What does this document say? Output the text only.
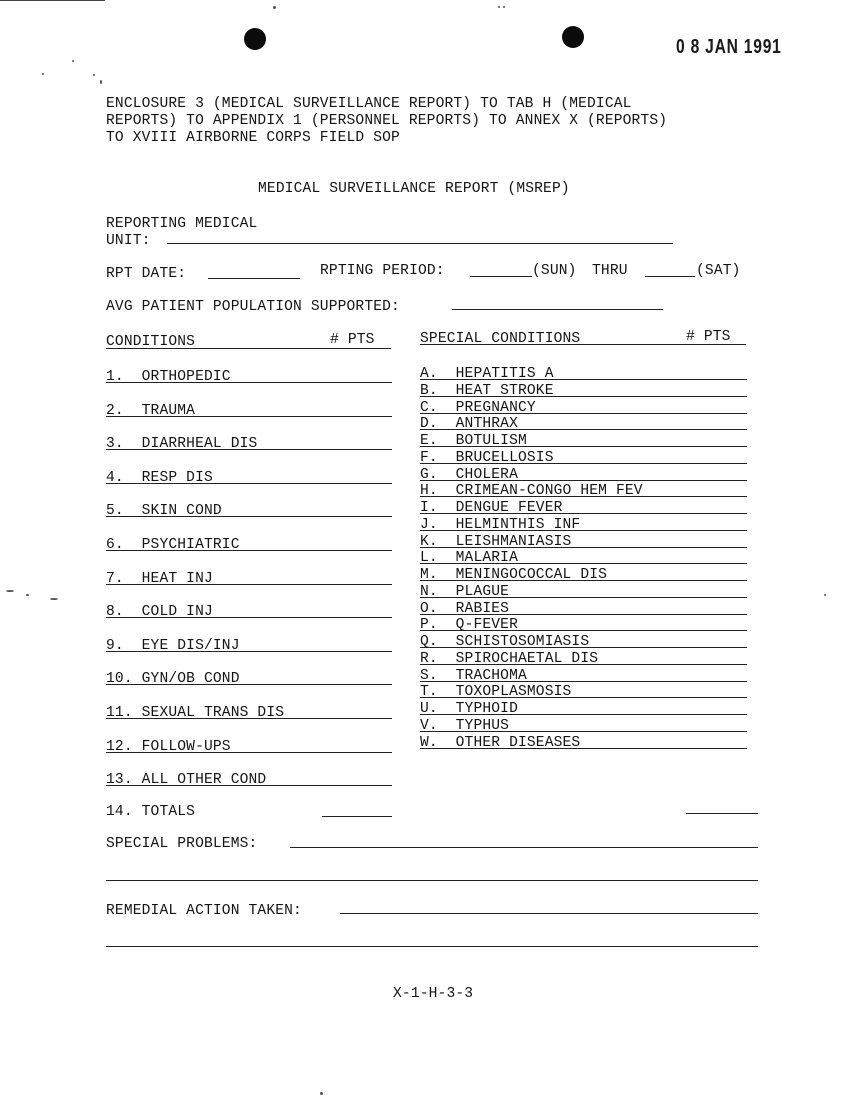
0 8 JAN 1991
ENCLOSURE 3 (MEDICAL SURVEILLANCE REPORT) TO TAB H (MEDICAL
REPORTS) TO APPENDIX 1 (PERSONNEL REPORTS) TO ANNEX X (REPORTS)
TO XVIII AIRBORNE CORPS FIELD SOP
MEDICAL SURVEILLANCE REPORT (MSREP)
REPORTING MEDICAL
UNIT:
RPT DATE:	RPTING PERIOD:	(SUN) THRU	(SAT)
AVG PATIENT POPULATION SUPPORTED:
CONDITIONS	# PTS	SPECIAL CONDITIONS	# PTS
1.  ORTHOPEDIC
2.  TRAUMA
3.  DIARRHEAL DIS
4.  RESP DIS
5.  SKIN COND
6.  PSYCHIATRIC
7.  HEAT INJ
8.  COLD INJ
9.  EYE DIS/INJ
10. GYN/OB COND
11. SEXUAL TRANS DIS
12. FOLLOW-UPS
13. ALL OTHER COND
A.  HEPATITIS A
B.  HEAT STROKE
C.  PREGNANCY
D.  ANTHRAX
E.  BOTULISM
F.  BRUCELLOSIS
G.  CHOLERA
H.  CRIMEAN-CONGO HEM FEV
I.  DENGUE FEVER
J.  HELMINTHIS INF
K.  LEISHMANIASIS
L.  MALARIA
M.  MENINGOCOCCAL DIS
N.  PLAGUE
O.  RABIES
P.  Q-FEVER
Q.  SCHISTOSOMIASIS
R.  SPIROCHAETAL DIS
S.  TRACHOMA
T.  TOXOPLASMOSIS
U.  TYPHOID
V.  TYPHUS
W.  OTHER DISEASES
14. TOTALS
SPECIAL PROBLEMS:
REMEDIAL ACTION TAKEN:
X-1-H-3-3
